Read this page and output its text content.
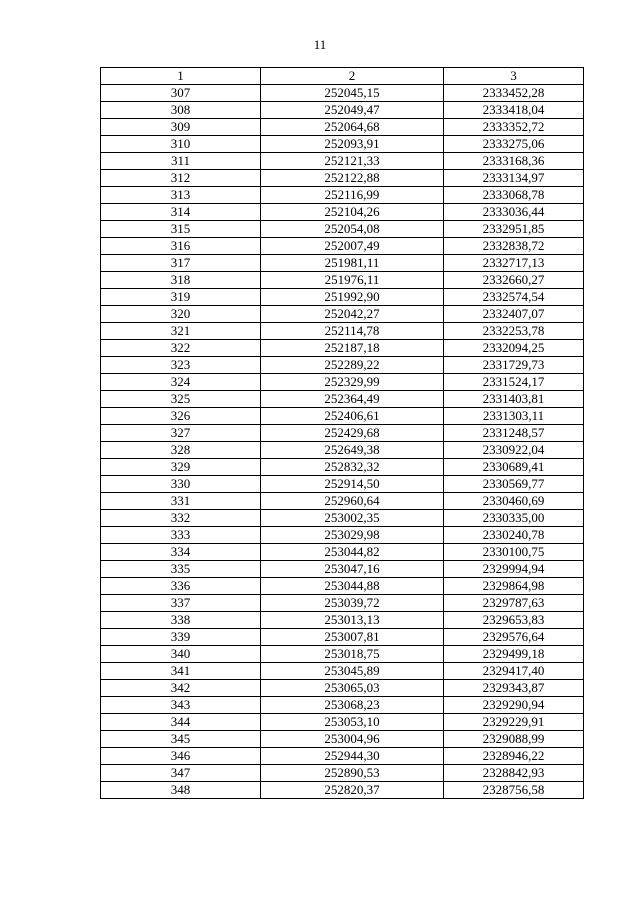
11
1	2	3
307	252045,15	2333452,28
308	252049,47	2333418,04
309	252064,68	2333352,72
310	252093,91	2333275,06
311	252121,33	2333168,36
312	252122,88	2333134,97
313	252116,99	2333068,78
314	252104,26	2333036,44
315	252054,08	2332951,85
316	252007,49	2332838,72
317	251981,11	2332717,13
318	251976,11	2332660,27
319	251992,90	2332574,54
320	252042,27	2332407,07
321	252114,78	2332253,78
322	252187,18	2332094,25
323	252289,22	2331729,73
324	252329,99	2331524,17
325	252364,49	2331403,81
326	252406,61	2331303,11
327	252429,68	2331248,57
328	252649,38	2330922,04
329	252832,32	2330689,41
330	252914,50	2330569,77
331	252960,64	2330460,69
332	253002,35	2330335,00
333	253029,98	2330240,78
334	253044,82	2330100,75
335	253047,16	2329994,94
336	253044,88	2329864,98
337	253039,72	2329787,63
338	253013,13	2329653,83
339	253007,81	2329576,64
340	253018,75	2329499,18
341	253045,89	2329417,40
342	253065,03	2329343,87
343	253068,23	2329290,94
344	253053,10	2329229,91
345	253004,96	2329088,99
346	252944,30	2328946,22
347	252890,53	2328842,93
348	252820,37	2328756,58
